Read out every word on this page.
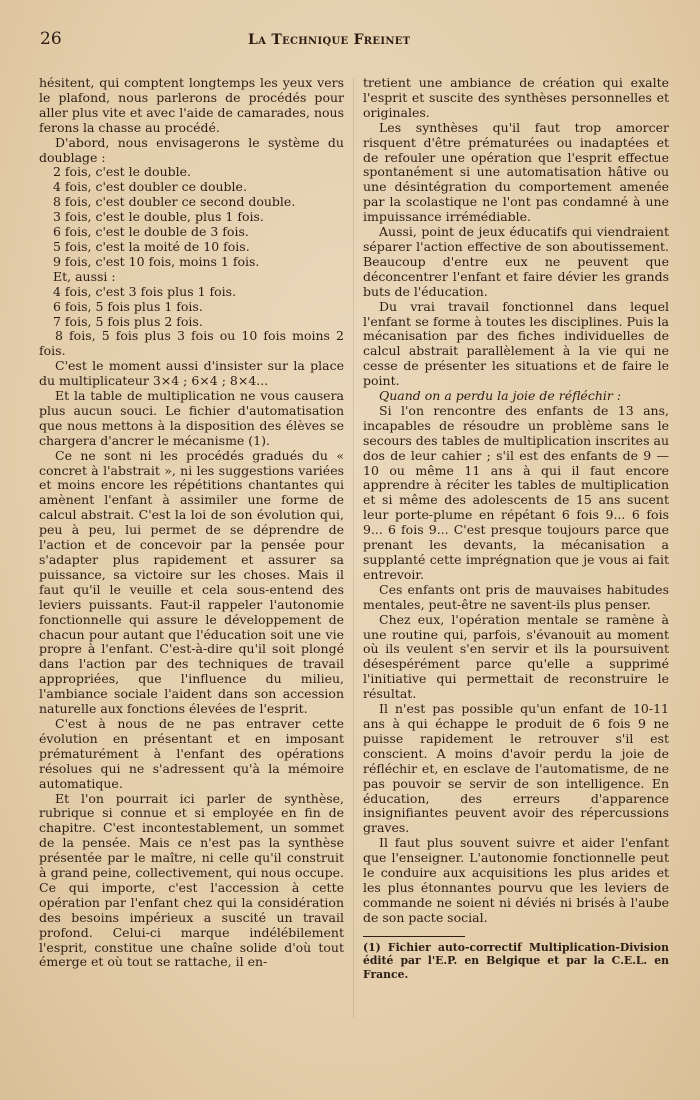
26	La Technique Freinet

hésitent, qui comptent longtemps les yeux vers le plafond, nous parlerons de procédés pour aller plus vite et avec l'aide de camarades, nous ferons la chasse au procédé.

D'abord, nous envisagerons le système du doublage :

2 fois, c'est le double.

4 fois, c'est doubler ce double.

8 fois, c'est doubler ce second double.

3 fois, c'est le double, plus 1 fois.

6 fois, c'est le double de 3 fois.

5 fois, c'est la moité de 10 fois.

9 fois, c'est 10 fois, moins 1 fois.

Et, aussi :

4 fois, c'est 3 fois plus 1 fois.

6 fois, 5 fois plus 1 fois.

7 fois, 5 fois plus 2 fois.

8 fois, 5 fois plus 3 fois ou 10 fois moins 2 fois.

C'est le moment aussi d'insister sur la place du multiplicateur 3×4 ; 6×4 ; 8×4...

Et la table de multiplication ne vous causera plus aucun souci. Le fichier d'automatisation que nous mettons à la disposition des élèves se chargera d'ancrer le mécanisme (1).

Ce ne sont ni les procédés gradués du « concret à l'abstrait », ni les suggestions variées et moins encore les répétitions chantantes qui amènent l'enfant à assimiler une forme de calcul abstrait. C'est la loi de son évolution qui, peu à peu, lui permet de se déprendre de l'action et de concevoir par la pensée pour s'adapter plus rapidement et assurer sa puissance, sa victoire sur les choses. Mais il faut qu'il le veuille et cela sous-entend des leviers puissants. Faut-il rappeler l'autonomie fonctionnelle qui assure le développement de chacun pour autant que l'éducation soit une vie propre à l'enfant. C'est-à-dire qu'il soit plongé dans l'action par des techniques de travail appropriées, que l'influence du milieu, l'ambiance sociale l'aident dans son accession naturelle aux fonctions élevées de l'esprit.

C'est à nous de ne pas entraver cette évolution en présentant et en imposant prématurément à l'enfant des opérations résolues qui ne s'adressent qu'à la mémoire automatique.

Et l'on pourrait ici parler de synthèse, rubrique si connue et si employée en fin de chapitre. C'est incontestablement, un sommet de la pensée. Mais ce n'est pas la synthèse présentée par le maître, ni celle qu'il construit à grand peine, collectivement, qui nous occupe. Ce qui importe, c'est l'accession à cette opération par l'enfant chez qui la considération des besoins impérieux a suscité un travail profond. Celui-ci marque indélébilement l'esprit, constitue une chaîne solide d'où tout émerge et où tout se rattache, il en-

tretient une ambiance de création qui exalte l'esprit et suscite des synthèses personnelles et originales.

Les synthèses qu'il faut trop amorcer risquent d'être prématurées ou inadaptées et de refouler une opération que l'esprit effectue spontanément si une automatisation hâtive ou une désintégration du comportement amenée par la scolastique ne l'ont pas condamné à une impuissance irrémédiable.

Aussi, point de jeux éducatifs qui viendraient séparer l'action effective de son aboutissement. Beaucoup d'entre eux ne peuvent que déconcentrer l'enfant et faire dévier les grands buts de l'éducation.

Du vrai travail fonctionnel dans lequel l'enfant se forme à toutes les disciplines. Puis la mécanisation par des fiches individuelles de calcul abstrait parallèlement à la vie qui ne cesse de présenter les situations et de faire le point.

Quand on a perdu la joie de réfléchir :

Si l'on rencontre des enfants de 13 ans, incapables de résoudre un problème sans le secours des tables de multiplication inscrites au dos de leur cahier ; s'il est des enfants de 9 — 10 ou même 11 ans à qui il faut encore apprendre à réciter les tables de multiplication et si même des adolescents de 15 ans sucent leur porte-plume en répétant 6 fois 9... 6 fois 9... 6 fois 9... C'est presque toujours parce que prenant les devants, la mécanisation a supplanté cette imprégnation que je vous ai fait entrevoir.

Ces enfants ont pris de mauvaises habitudes mentales, peut-être ne savent-ils plus penser.

Chez eux, l'opération mentale se ramène à une routine qui, parfois, s'évanouit au moment où ils veulent s'en servir et ils la poursuivent désespérément parce qu'elle a supprimé l'initiative qui permettait de reconstruire le résultat.

Il n'est pas possible qu'un enfant de 10-11 ans à qui échappe le produit de 6 fois 9 ne puisse rapidement le retrouver s'il est conscient. A moins d'avoir perdu la joie de réfléchir et, en esclave de l'automatisme, de ne pas pouvoir se servir de son intelligence. En éducation, des erreurs d'apparence insignifiantes peuvent avoir des répercussions graves.

Il faut plus souvent suivre et aider l'enfant que l'enseigner. L'autonomie fonctionnelle peut le conduire aux acquisitions les plus arides et les plus étonnantes pourvu que les leviers de commande ne soient ni déviés ni brisés à l'aube de son pacte social.

(1) Fichier auto-correctif Multiplication-Division édité par l'E.P. en Belgique et par la C.E.L. en France.
